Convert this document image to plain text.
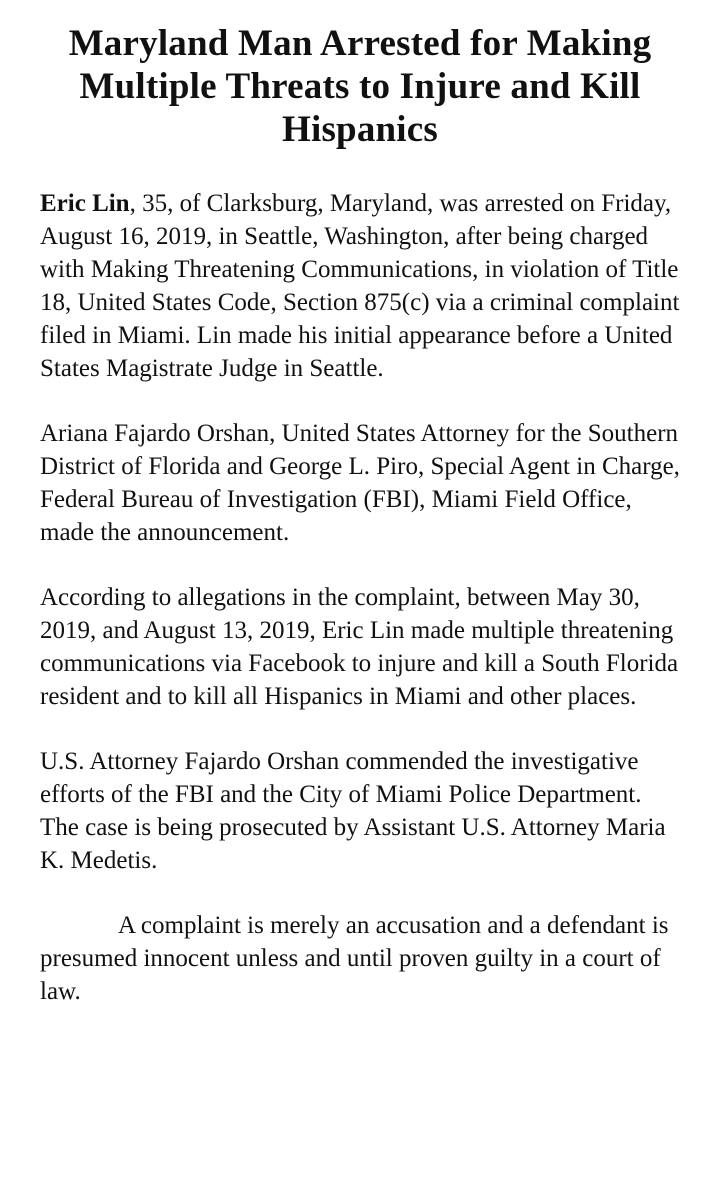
Maryland Man Arrested for Making Multiple Threats to Injure and Kill Hispanics

Eric Lin, 35, of Clarksburg, Maryland, was arrested on Friday, August 16, 2019, in Seattle, Washington, after being charged with Making Threatening Communications, in violation of Title 18, United States Code, Section 875(c) via a criminal complaint filed in Miami. Lin made his initial appearance before a United States Magistrate Judge in Seattle.

Ariana Fajardo Orshan, United States Attorney for the Southern District of Florida and George L. Piro, Special Agent in Charge, Federal Bureau of Investigation (FBI), Miami Field Office, made the announcement.

According to allegations in the complaint, between May 30, 2019, and August 13, 2019, Eric Lin made multiple threatening communications via Facebook to injure and kill a South Florida resident and to kill all Hispanics in Miami and other places.

U.S. Attorney Fajardo Orshan commended the investigative efforts of the FBI and the City of Miami Police Department. The case is being prosecuted by Assistant U.S. Attorney Maria K. Medetis.

A complaint is merely an accusation and a defendant is presumed innocent unless and until proven guilty in a court of law.
